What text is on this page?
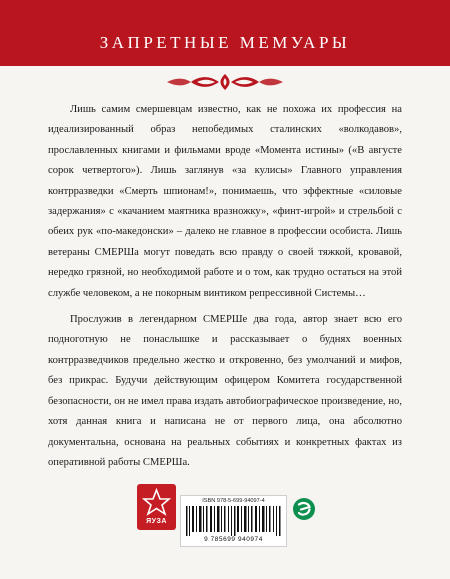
ЗАПРЕТНЫЕ МЕМУАРЫ

Лишь самим смершевцам известно, как не похожа их профессия на идеализированный образ непобедимых сталинских «волкодавов», прославленных книгами и фильмами вроде «Момента истины» («В августе сорок четвертого»). Лишь заглянув «за кулисы» Главного управления контрразведки «Смерть шпионам!», понимаешь, что эффектные «силовые задержания» с «качанием маятника вразножку», «финт-игрой» и стрельбой с обеих рук «по-македонски» – далеко не главное в профессии особиста. Лишь ветераны СМЕРШа могут поведать всю правду о своей тяжкой, кровавой, нередко грязной, но необходимой работе и о том, как трудно остаться на этой службе человеком, а не покорным винтиком репрессивной Системы…

Прослужив в легендарном СМЕРШе два года, автор знает всю его подноготную не понаслышке и рассказывает о буднях военных контрразведчиков предельно жестко и откровенно, без умолчаний и мифов, без прикрас. Будучи действующим офицером Комитета государственной безопасности, он не имел права издать автобиографическое произведение, но, хотя данная книга и написана не от первого лица, она абсолютно документальна, основана на реальных событиях и конкретных фактах из оперативной работы СМЕРШа.

ЯУЗА
ISBN 978-5-699-94097-4
9 785699 940974
